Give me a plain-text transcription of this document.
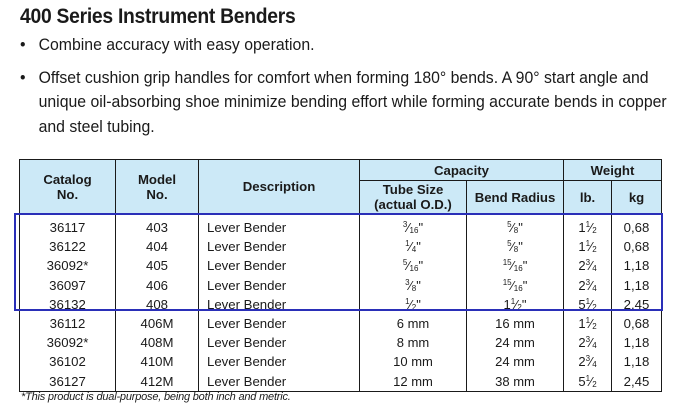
400 Series Instrument Benders
• Combine accuracy with easy operation.
• Offset cushion grip handles for comfort when forming 180° bends. A 90° start angle and unique oil-absorbing shoe minimize bending effort while forming accurate bends in copper and steel tubing.
Catalog No.	Model No.	Description	Capacity		Weight	
			Tube Size (actual O.D.)	Bend Radius	lb.	kg
36117	403	Lever Bender	$^3⁄_{16}$"	$^5⁄_8$"	$1^1⁄_2$	0,68
36122	404	Lever Bender	$^1⁄_4$"	$^5⁄_8$"	$1^1⁄_2$	0,68
36092*	405	Lever Bender	$^5⁄_{16}$"	$^{15}⁄_{16}$"	$2^3⁄_4$	1,18
36097	406	Lever Bender	$^3⁄_8$"	$^{15}⁄_{16}$"	$2^3⁄_4$	1,18
36132	408	Lever Bender	$^1⁄_2$"	$1^1⁄_2$"	$5^1⁄_2$	2,45
36112	406M	Lever Bender	6 mm	16 mm	$1^1⁄_2$	0,68
36092*	408M	Lever Bender	8 mm	24 mm	$2^3⁄_4$	1,18
36102	410M	Lever Bender	10 mm	24 mm	$2^3⁄_4$	1,18
36127	412M	Lever Bender	12 mm	38 mm	$5^1⁄_2$	2,45
*This product is dual-purpose, being both inch and metric.
